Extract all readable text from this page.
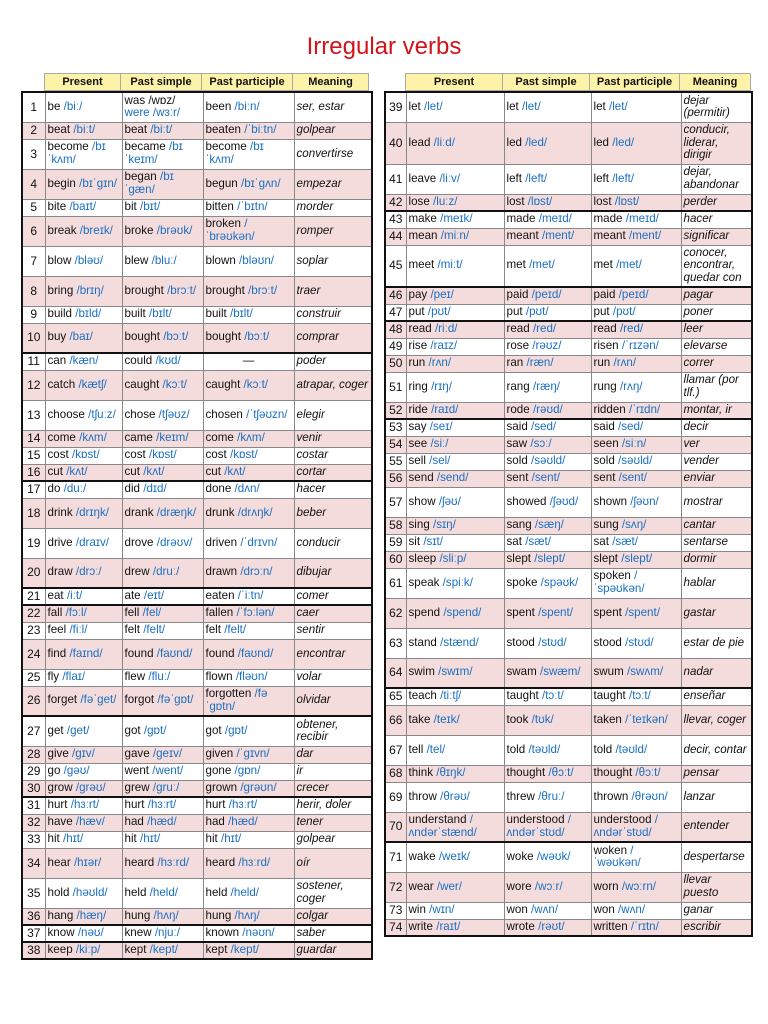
Irregular verbs
Present	Past simple	Past participle	Meaning	Present	Past simple	Past participle	Meaning
1	be /biː/	was /wɒz/ were /wɜːr/	been /biːn/	ser, estar
2	beat /biːt/	beat /biːt/	beaten /ˈbiːtn/	golpear
3	become /bɪˈkʌm/	became /bɪˈkeɪm/	become /bɪˈkʌm/	convertirse
4	begin /bɪˈgɪn/	began /bɪˈgæn/	begun /bɪˈgʌn/	empezar
5	bite /baɪt/	bit /bɪt/	bitten /ˈbɪtn/	morder
6	break /breɪk/	broke /brəʊk/	broken /ˈbrəʊkən/	romper
7	blow /bləʊ/	blew /bluː/	blown /bləʊn/	soplar
8	bring /brɪŋ/	brought /brɔːt/	brought /brɔːt/	traer
9	build /bɪld/	built /bɪlt/	built /bɪlt/	construir
10	buy /baɪ/	bought /bɔːt/	bought /bɔːt/	comprar
11	can /kæn/	could /kʊd/	—	poder
12	catch /kætʃ/	caught /kɔːt/	caught /kɔːt/	atrapar, coger
13	choose /tʃuːz/	chose /tʃəʊz/	chosen /ˈtʃəʊzn/	elegir
14	come /kʌm/	came /keɪm/	come /kʌm/	venir
15	cost /kɒst/	cost /kɒst/	cost /kɒst/	costar
16	cut /kʌt/	cut /kʌt/	cut /kʌt/	cortar
17	do /duː/	did /dɪd/	done /dʌn/	hacer
18	drink /drɪŋk/	drank /dræŋk/	drunk /drʌŋk/	beber
19	drive /draɪv/	drove /drəʊv/	driven /ˈdrɪvn/	conducir
20	draw /drɔː/	drew /druː/	drawn /drɔːn/	dibujar
21	eat /iːt/	ate /eɪt/	eaten /ˈiːtn/	comer
22	fall /fɔːl/	fell /fel/	fallen /ˈfɔːlən/	caer
23	feel /fiːl/	felt /felt/	felt /felt/	sentir
24	find /faɪnd/	found /faʊnd/	found /faʊnd/	encontrar
25	fly /flaɪ/	flew /fluː/	flown /fləʊn/	volar
26	forget /fəˈget/	forgot /fəˈgɒt/	forgotten /fəˈgɒtn/	olvidar
27	get /get/	got /gɒt/	got /gɒt/	obtener, recibir
28	give /gɪv/	gave /geɪv/	given /ˈgɪvn/	dar
29	go /gəʊ/	went /went/	gone /gɒn/	ir
30	grow /grəʊ/	grew /gruː/	grown /grəʊn/	crecer
31	hurt /hɜːrt/	hurt /hɜːrt/	hurt /hɜːrt/	herir, doler
32	have /hæv/	had /hæd/	had /hæd/	tener
33	hit /hɪt/	hit /hɪt/	hit /hɪt/	golpear
34	hear /hɪər/	heard /hɜːrd/	heard /hɜːrd/	oír
35	hold /həʊld/	held /held/	held /held/	sostener, coger
36	hang /hæŋ/	hung /hʌŋ/	hung /hʌŋ/	colgar
37	know /nəʊ/	knew /njuː/	known /nəʊn/	saber
38	keep /kiːp/	kept /kept/	kept /kept/	guardar
39	let /let/	let /let/	let /let/	dejar (permitir)
40	lead /liːd/	led /led/	led /led/	conducir, liderar, dirigir
41	leave /liːv/	left /left/	left /left/	dejar, abandonar
42	lose /luːz/	lost /lɒst/	lost /lɒst/	perder
43	make /meɪk/	made /meɪd/	made /meɪd/	hacer
44	mean /miːn/	meant /ment/	meant /ment/	significar
45	meet /miːt/	met /met/	met /met/	conocer, encontrar, quedar con
46	pay /peɪ/	paid /peɪd/	paid /peɪd/	pagar
47	put /pʊt/	put /pʊt/	put /pʊt/	poner
48	read /riːd/	read /red/	read /red/	leer
49	rise /raɪz/	rose /rəʊz/	risen /ˈrɪzən/	elevarse
50	run /rʌn/	ran /ræn/	run /rʌn/	correr
51	ring /rɪŋ/	rang /ræŋ/	rung /rʌŋ/	llamar (por tlf.)
52	ride /raɪd/	rode /rəʊd/	ridden /ˈrɪdn/	montar, ir
53	say /seɪ/	said /sed/	said /sed/	decir
54	see /siː/	saw /sɔː/	seen /siːn/	ver
55	sell /sel/	sold /səʊld/	sold /səʊld/	vender
56	send /send/	sent /sent/	sent /sent/	enviar
57	show /ʃəʊ/	showed /ʃəʊd/	shown /ʃəʊn/	mostrar
58	sing /sɪŋ/	sang /sæŋ/	sung /sʌŋ/	cantar
59	sit /sɪt/	sat /sæt/	sat /sæt/	sentarse
60	sleep /sliːp/	slept /slept/	slept /slept/	dormir
61	speak /spiːk/	spoke /spəʊk/	spoken /ˈspəʊkən/	hablar
62	spend /spend/	spent /spent/	spent /spent/	gastar
63	stand /stænd/	stood /stʊd/	stood /stʊd/	estar de pie
64	swim /swɪm/	swam /swæm/	swum /swʌm/	nadar
65	teach /tiːtʃ/	taught /tɔːt/	taught /tɔːt/	enseñar
66	take /teɪk/	took /tʊk/	taken /ˈteɪkən/	llevar, coger
67	tell /tel/	told /təʊld/	told /təʊld/	decir, contar
68	think /θɪŋk/	thought /θɔːt/	thought /θɔːt/	pensar
69	throw /θrəʊ/	threw /θruː/	thrown /θrəʊn/	lanzar
70	understand /ʌndərˈstænd/	understood /ʌndərˈstʊd/	understood /ʌndərˈstʊd/	entender
71	wake /weɪk/	woke /wəʊk/	woken /ˈwəʊkən/	despertarse
72	wear /wer/	wore /wɔːr/	worn /wɔːrn/	llevar puesto
73	win /wɪn/	won /wʌn/	won /wʌn/	ganar
74	write /raɪt/	wrote /rəʊt/	written /ˈrɪtn/	escribir
